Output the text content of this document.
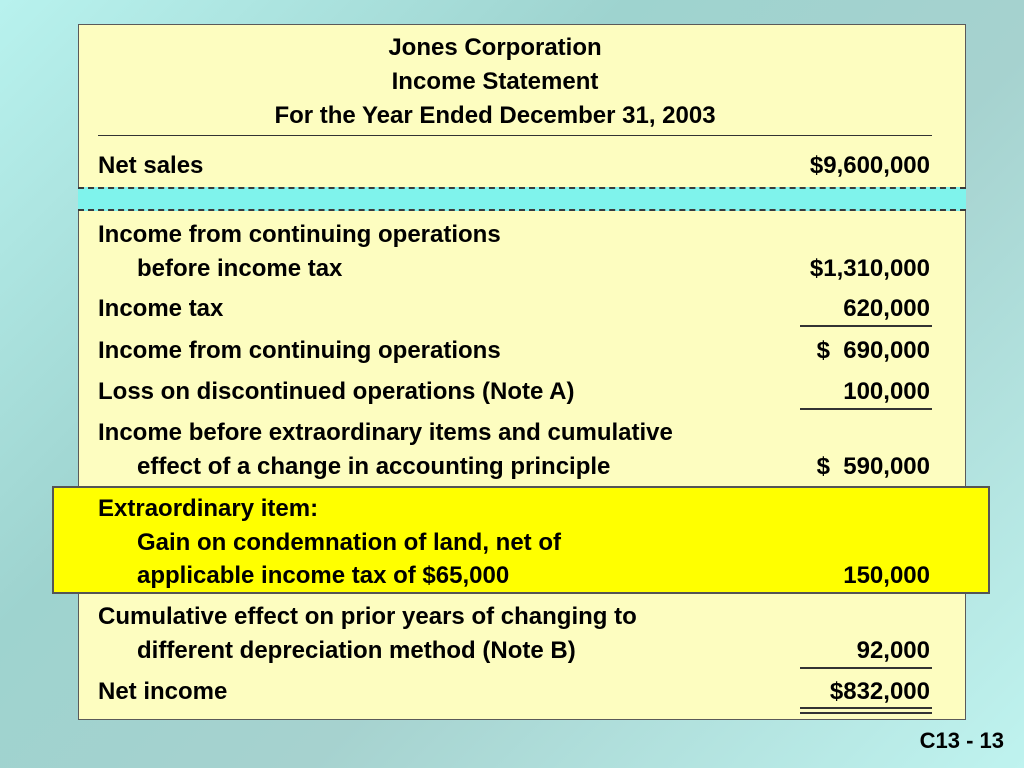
Jones Corporation
Income Statement
For the Year Ended December 31, 2003
Net sales	$9,600,000
Income from continuing operations
before income tax	$1,310,000
Income tax	620,000
Income from continuing operations	$  690,000
Loss on discontinued operations (Note A)	100,000
Income before extraordinary items and cumulative
effect of a change in accounting principle	$  590,000
Extraordinary item:
Gain on condemnation of land, net of
applicable income tax of $65,000	150,000
Cumulative effect on prior years of changing to
different depreciation method (Note B)	92,000
Net income	$832,000
C13 - 13
